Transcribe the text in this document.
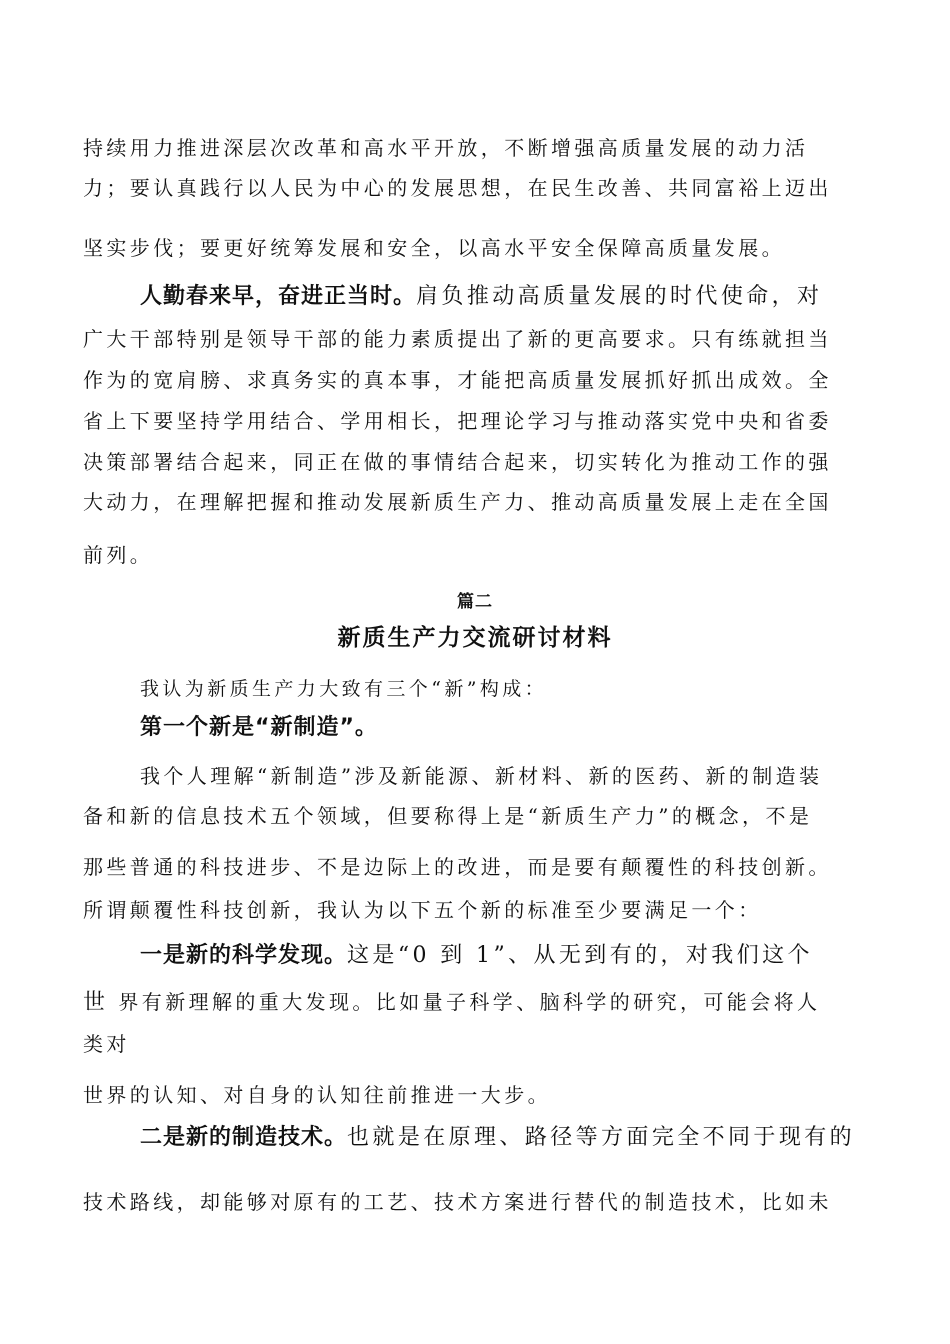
持续用力推进深层次改革和高水平开放，不断增强高质量发展的动力活
力；要认真践行以人民为中心的发展思想，在民生改善、共同富裕上迈出
坚实步伐；要更好统筹发展和安全，以高水平安全保障高质量发展。
人勤春来早，奋进正当时。肩负推动高质量发展的时代使命，对
广大干部特别是领导干部的能力素质提出了新的更高要求。只有练就担当
作为的宽肩膀、求真务实的真本事，才能把高质量发展抓好抓出成效。全
省上下要坚持学用结合、学用相长，把理论学习与推动落实党中央和省委
决策部署结合起来，同正在做的事情结合起来，切实转化为推动工作的强
大动力，在理解把握和推动发展新质生产力、推动高质量发展上走在全国
前列。
篇二
新质生产力交流研讨材料
我认为新质生产力大致有三个“新”构成：
第一个新是“新制造”。
我个人理解“新制造”涉及新能源、新材料、新的医药、新的制造装
备和新的信息技术五个领域，但要称得上是“新质生产力”的概念，不是
那些普通的科技进步、不是边际上的改进，而是要有颠覆性的科技创新。
所谓颠覆性科技创新，我认为以下五个新的标准至少要满足一个：
一是新的科学发现。这是“0 到 1”、从无到有的，对我们这个
世 界有新理解的重大发现。比如量子科学、脑科学的研究，可能会将人
类对
世界的认知、对自身的认知往前推进一大步。
二是新的制造技术。也就是在原理、路径等方面完全不同于现有的
技术路线，却能够对原有的工艺、技术方案进行替代的制造技术，比如未
